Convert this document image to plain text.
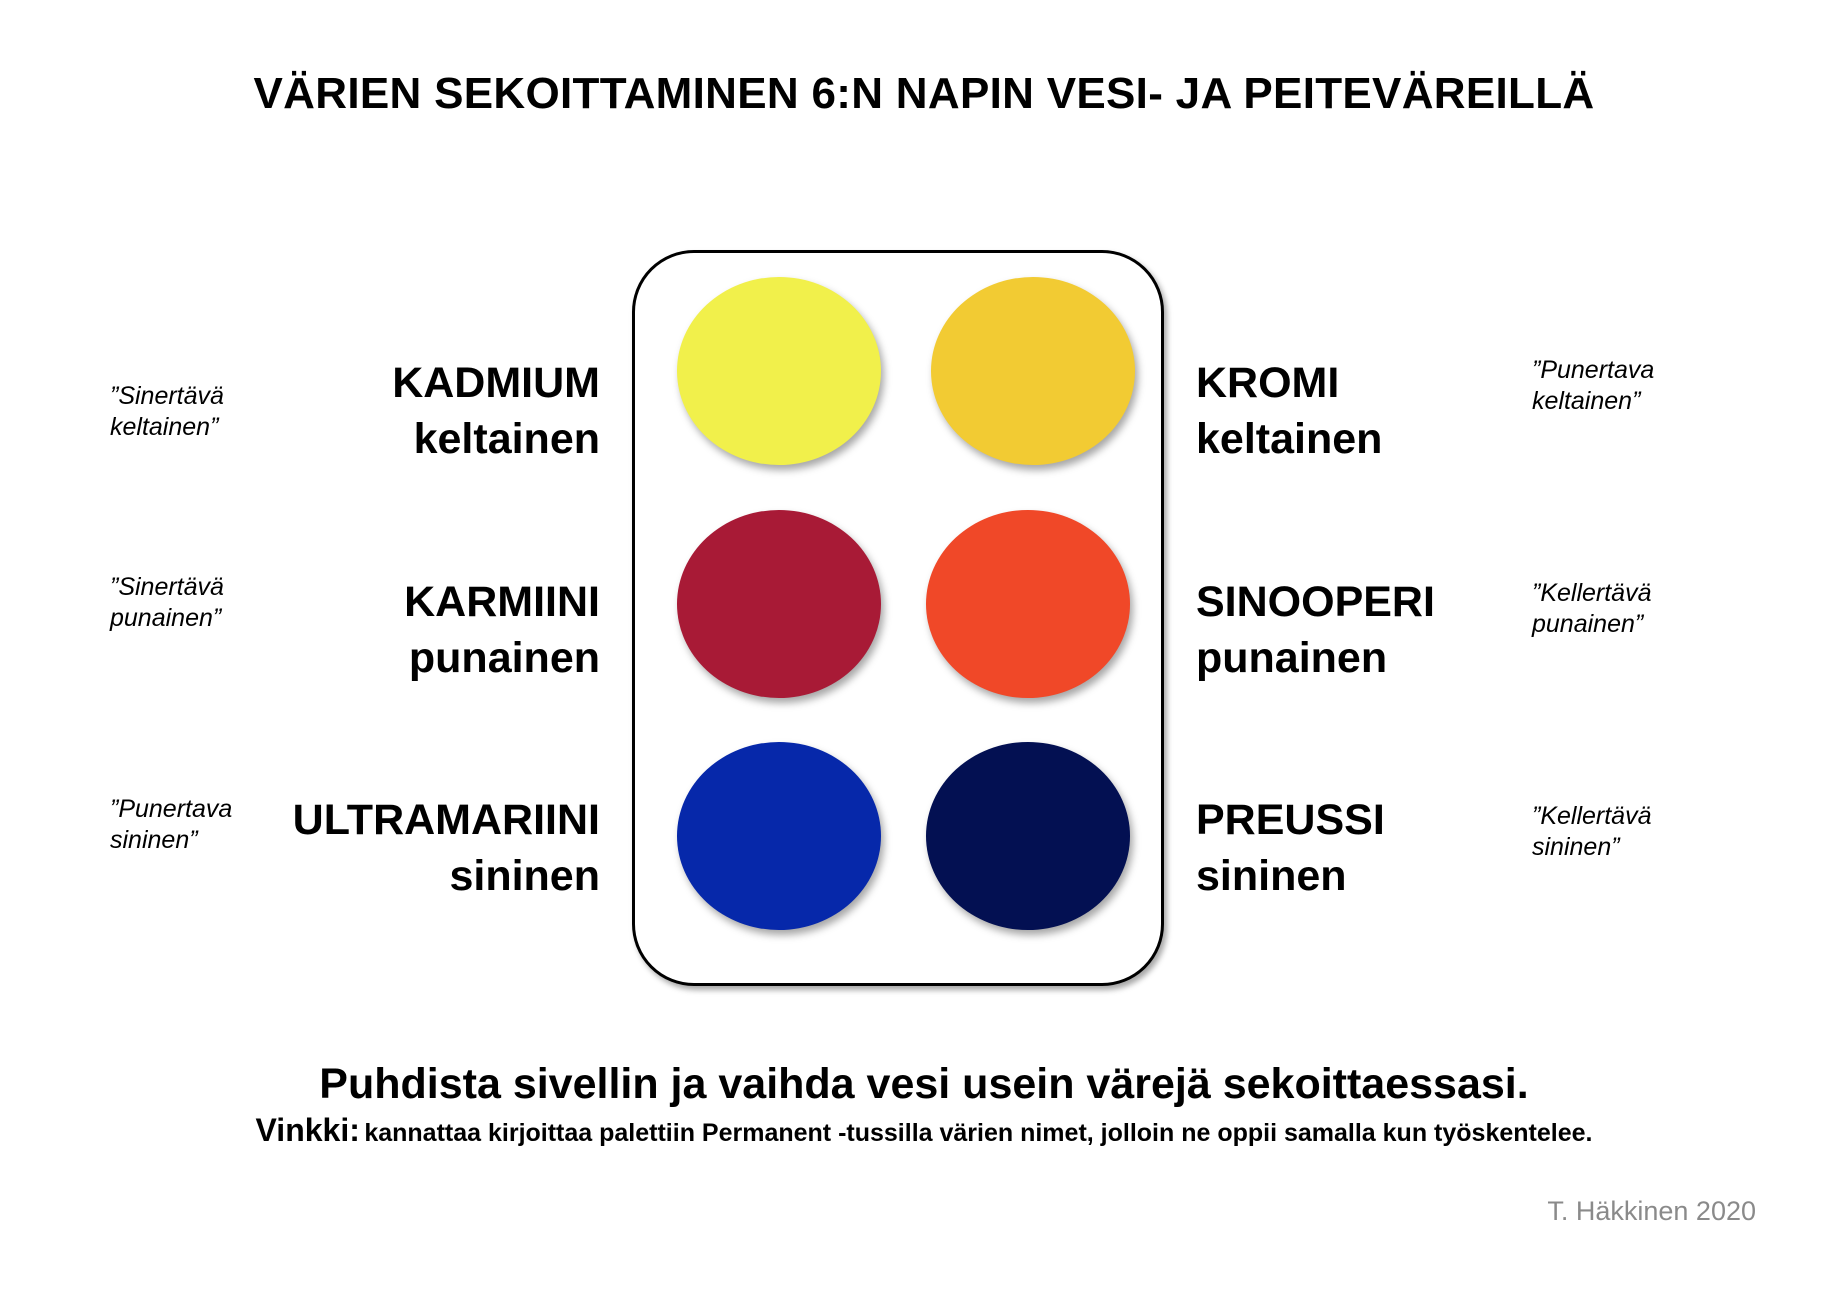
VÄRIEN SEKOITTAMINEN 6:N NAPIN VESI- JA PEITEVÄREILLÄ
KADMIUM
keltainen
KARMIINI
punainen
ULTRAMARIINI
sininen
KROMI
keltainen
SINOOPERI
punainen
PREUSSI
sininen
”Sinertävä
keltainen”
”Sinertävä
punainen”
”Punertava
sininen”
”Punertava
keltainen”
”Kellertävä
punainen”
”Kellertävä
sininen”
Puhdista sivellin ja vaihda vesi usein värejä sekoittaessasi.
Vinkki: kannattaa kirjoittaa palettiin Permanent -tussilla värien nimet, jolloin ne oppii samalla kun työskentelee.
T. Häkkinen 2020
